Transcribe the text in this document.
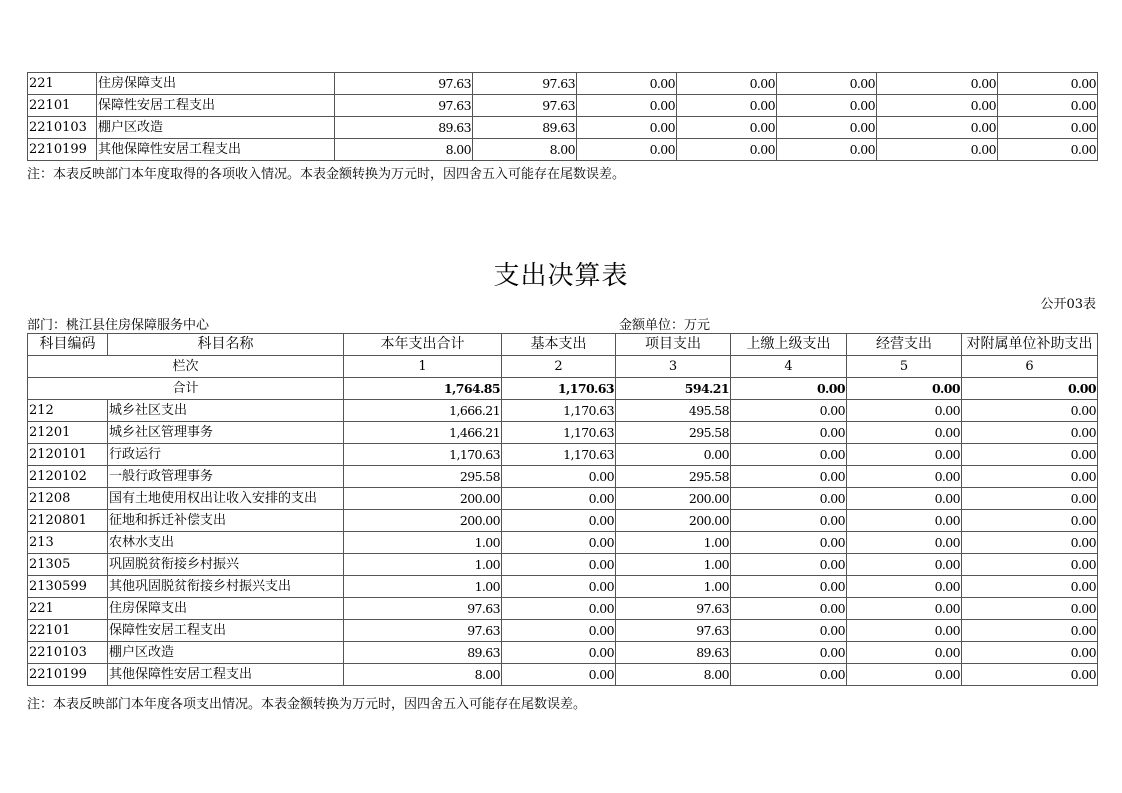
221	住房保障支出	97.63	97.63	0.00	0.00	0.00	0.00	0.00
22101	保障性安居工程支出	97.63	97.63	0.00	0.00	0.00	0.00	0.00
2210103	棚户区改造	89.63	89.63	0.00	0.00	0.00	0.00	0.00
2210199	其他保障性安居工程支出	8.00	8.00	0.00	0.00	0.00	0.00	0.00
注：本表反映部门本年度取得的各项收入情况。本表金额转换为万元时，因四舍五入可能存在尾数误差。
支出决算表
公开03表
部门：桃江县住房保障服务中心	金额单位：万元
科目编码	科目名称	本年支出合计	基本支出	项目支出	上缴上级支出	经营支出	对附属单位补助支出
栏次		1	2	3	4	5	6
合计		1,764.85	1,170.63	594.21	0.00	0.00	0.00
212	城乡社区支出	1,666.21	1,170.63	495.58	0.00	0.00	0.00
21201	城乡社区管理事务	1,466.21	1,170.63	295.58	0.00	0.00	0.00
2120101	行政运行	1,170.63	1,170.63	0.00	0.00	0.00	0.00
2120102	一般行政管理事务	295.58	0.00	295.58	0.00	0.00	0.00
21208	国有土地使用权出让收入安排的支出	200.00	0.00	200.00	0.00	0.00	0.00
2120801	征地和拆迁补偿支出	200.00	0.00	200.00	0.00	0.00	0.00
213	农林水支出	1.00	0.00	1.00	0.00	0.00	0.00
21305	巩固脱贫衔接乡村振兴	1.00	0.00	1.00	0.00	0.00	0.00
2130599	其他巩固脱贫衔接乡村振兴支出	1.00	0.00	1.00	0.00	0.00	0.00
221	住房保障支出	97.63	0.00	97.63	0.00	0.00	0.00
22101	保障性安居工程支出	97.63	0.00	97.63	0.00	0.00	0.00
2210103	棚户区改造	89.63	0.00	89.63	0.00	0.00	0.00
2210199	其他保障性安居工程支出	8.00	0.00	8.00	0.00	0.00	0.00
注：本表反映部门本年度各项支出情况。本表金额转换为万元时，因四舍五入可能存在尾数误差。
